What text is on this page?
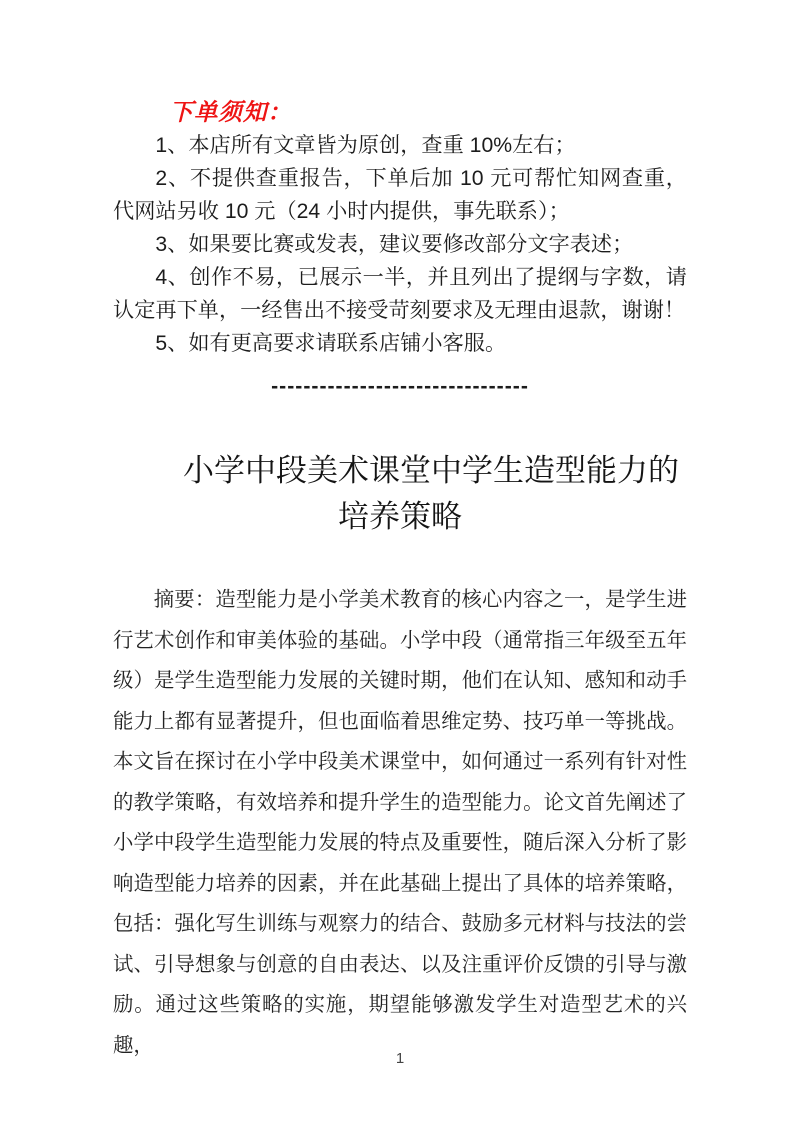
下单须知：

1、本店所有文章皆为原创，查重 10%左右；

2、不提供查重报告，下单后加 10 元可帮忙知网查重，代网站另收 10 元（24 小时内提供，事先联系）；

3、如果要比赛或发表，建议要修改部分文字表述；

4、创作不易，已展示一半，并且列出了提纲与字数，请认定再下单，一经售出不接受苛刻要求及无理由退款，谢谢！

5、如有更高要求请联系店铺小客服。

--------------------------------

小学中段美术课堂中学生造型能力的培养策略

摘要：造型能力是小学美术教育的核心内容之一，是学生进行艺术创作和审美体验的基础。小学中段（通常指三年级至五年级）是学生造型能力发展的关键时期，他们在认知、感知和动手能力上都有显著提升，但也面临着思维定势、技巧单一等挑战。本文旨在探讨在小学中段美术课堂中，如何通过一系列有针对性的教学策略，有效培养和提升学生的造型能力。论文首先阐述了小学中段学生造型能力发展的特点及重要性，随后深入分析了影响造型能力培养的因素，并在此基础上提出了具体的培养策略，包括：强化写生训练与观察力的结合、鼓励多元材料与技法的尝试、引导想象与创意的自由表达、以及注重评价反馈的引导与激励。通过这些策略的实施，期望能够激发学生对造型艺术的兴趣，

1
